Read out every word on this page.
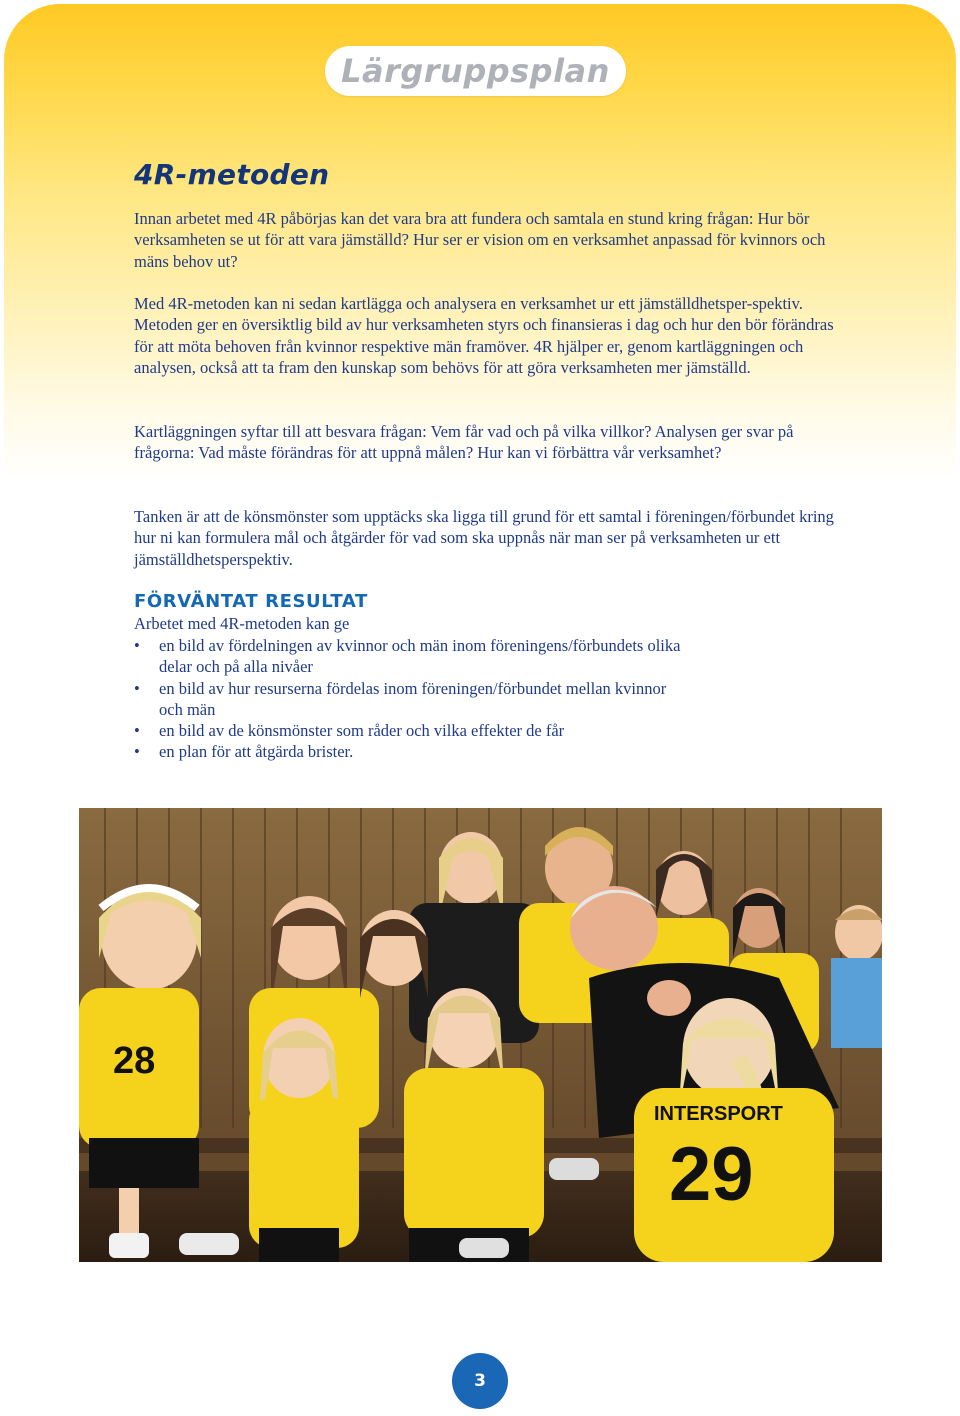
Lärgruppsplan
4R-metoden

Innan arbetet med 4R påbörjas kan det vara bra att fundera och samtala en stund kring frågan: Hur bör verksamheten se ut för att vara jämställd? Hur ser er vision om en verksamhet anpassad för kvinnors och mäns behov ut?

Med 4R-metoden kan ni sedan kartlägga och analysera en verksamhet ur ett jämställdhetsper-spektiv. Metoden ger en översiktlig bild av hur verksamheten styrs och finansieras i dag och hur den bör förändras för att möta behoven från kvinnor respektive män framöver. 4R hjälper er, genom kartläggningen och analysen, också att ta fram den kunskap som behövs för att göra verksamheten mer jämställd.

Kartläggningen syftar till att besvara frågan: Vem får vad och på vilka villkor? Analysen ger svar på frågorna: Vad måste förändras för att uppnå målen? Hur kan vi förbättra vår verksamhet?

Tanken är att de könsmönster som upptäcks ska ligga till grund för ett samtal i föreningen/förbundet kring hur ni kan formulera mål och åtgärder för vad som ska uppnås när man ser på verksamheten ur ett jämställdhetsperspektiv.

FÖRVÄNTAT RESULTAT

Arbetet med 4R-metoden kan ge

• en bild av fördelningen av kvinnor och män inom föreningens/förbundets olika delar och på alla nivåer
• en bild av hur resurserna fördelas inom föreningen/förbundet mellan kvinnor och män
• en bild av de könsmönster som råder och vilka effekter de får
• en plan för att åtgärda brister.
28
INTERSPORT
29
3
